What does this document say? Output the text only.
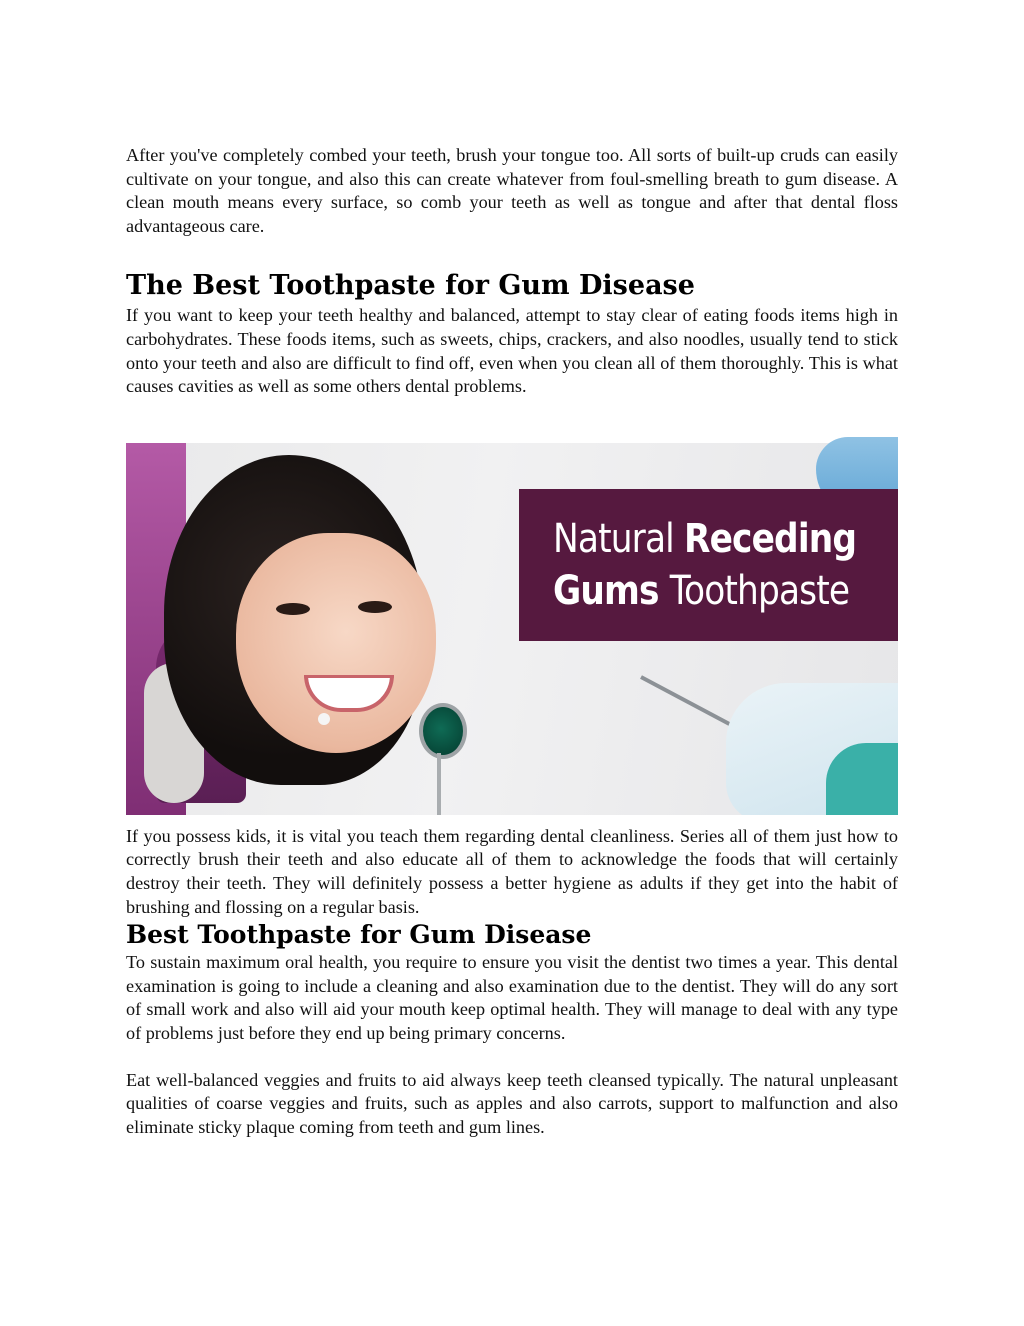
After you've completely combed your teeth, brush your tongue too. All sorts of built-up cruds can easily cultivate on your tongue, and also this can create whatever from foul-smelling breath to gum disease. A clean mouth means every surface, so comb your teeth as well as tongue and after that dental floss advantageous care.

The Best Toothpaste for Gum Disease

If you want to keep your teeth healthy and balanced, attempt to stay clear of eating foods items high in carbohydrates. These foods items, such as sweets, chips, crackers, and also noodles, usually tend to stick onto your teeth and also are difficult to find off, even when you clean all of them thoroughly. This is what causes cavities as well as some others dental problems.

Natural Receding
Gums Toothpaste

If you possess kids, it is vital you teach them regarding dental cleanliness. Series all of them just how to correctly brush their teeth and also educate all of them to acknowledge the foods that will certainly destroy their teeth. They will definitely possess a better hygiene as adults if they get into the habit of brushing and flossing on a regular basis.

Best Toothpaste for Gum Disease

To sustain maximum oral health, you require to ensure you visit the dentist two times a year. This dental examination is going to include a cleaning and also examination due to the dentist. They will do any sort of small work and also will aid your mouth keep optimal health. They will manage to deal with any type of problems just before they end up being primary concerns.

Eat well-balanced veggies and fruits to aid always keep teeth cleansed typically. The natural unpleasant qualities of coarse veggies and fruits, such as apples and also carrots, support to malfunction and also eliminate sticky plaque coming from teeth and gum lines.
